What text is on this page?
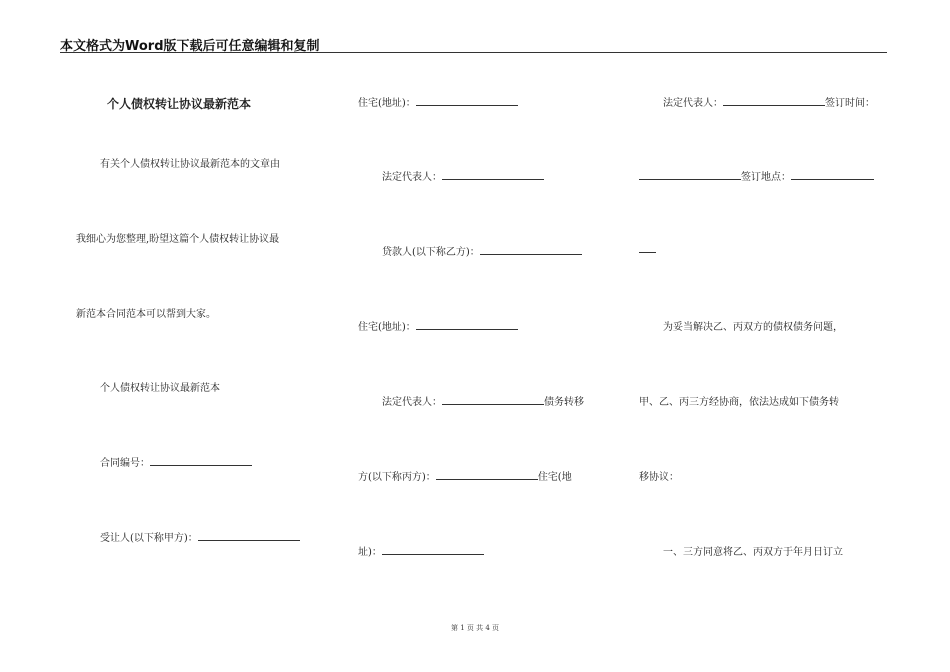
本文格式为Word版下载后可任意编辑和复制
个人债权转让协议最新范本
有关个人债权转让协议最新范本的文章由
我细心为您整理,盼望这篇个人债权转让协议最
新范本合同范本可以帮到大家。
个人债权转让协议最新范本
合同编号：
受让人(以下称甲方)：
住宅(地址)：
法定代表人：
贷款人(以下称乙方)：
住宅(地址)：
法定代表人：	债务转移
方(以下称丙方)：	住宅(地
址)：
法定代表人：	签订时间：
签订地点：
为妥当解决乙、丙双方的债权债务问题，
甲、乙、丙三方经协商，依法达成如下债务转
移协议：
一、三方同意将乙、丙双方于年月日订立
第 1 页 共 4 页
